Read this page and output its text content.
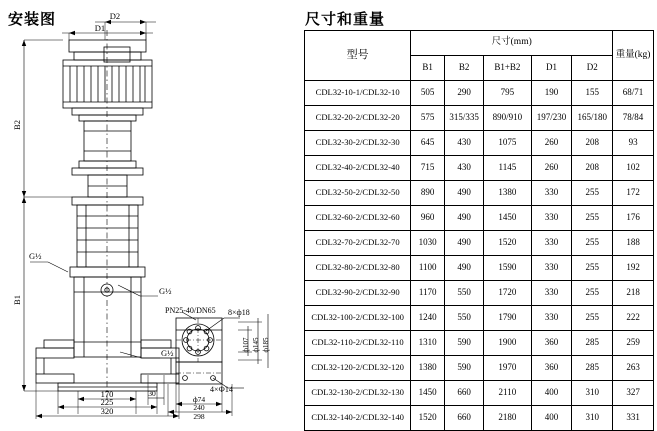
安装图	D2
D1
B2
B1
G½
G½
G½
PN25-40/DN65 8×ф18
4×Ф14
170
225
320
30
ф74
240
298
ф107 ф145 ф185
尺寸和重量
型号	尺寸(mm)					重量(kg)
	B1	B2	B1+B2	D1	D2	
CDL32-10-1/CDL32-10	505	290	795	190	155	68/71
CDL32-20-2/CDL32-20	575	315/335	890/910	197/230	165/180	78/84
CDL32-30-2/CDL32-30	645	430	1075	260	208	93
CDL32-40-2/CDL32-40	715	430	1145	260	208	102
CDL32-50-2/CDL32-50	890	490	1380	330	255	172
CDL32-60-2/CDL32-60	960	490	1450	330	255	176
CDL32-70-2/CDL32-70	1030	490	1520	330	255	188
CDL32-80-2/CDL32-80	1100	490	1590	330	255	192
CDL32-90-2/CDL32-90	1170	550	1720	330	255	218
CDL32-100-2/CDL32-100	1240	550	1790	330	255	222
CDL32-110-2/CDL32-110	1310	590	1900	360	285	259
CDL32-120-2/CDL32-120	1380	590	1970	360	285	263
CDL32-130-2/CDL32-130	1450	660	2110	400	310	327
CDL32-140-2/CDL32-140	1520	660	2180	400	310	331
